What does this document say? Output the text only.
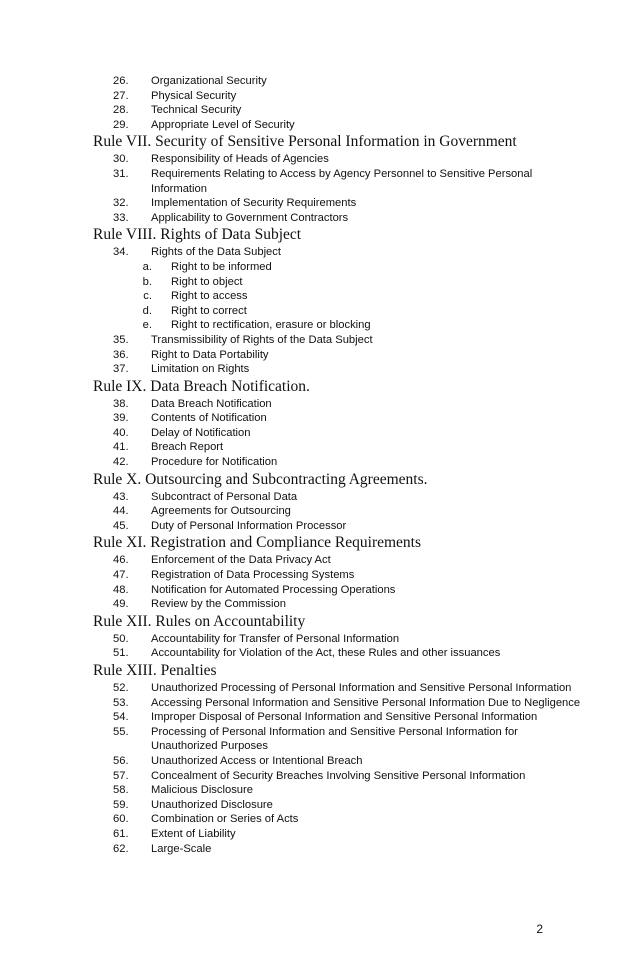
26.	Organizational Security
27.	Physical Security
28.	Technical Security
29.	Appropriate Level of Security
Rule VII. Security of Sensitive Personal Information in Government
30.	Responsibility of Heads of Agencies
31.	Requirements Relating to Access by Agency Personnel to Sensitive Personal Information
32.	Implementation of Security Requirements
33.	Applicability to Government Contractors
Rule VIII. Rights of Data Subject
34.	Rights of the Data Subject
a.	Right to be informed
b.	Right to object
c.	Right to access
d.	Right to correct
e.	Right to rectification, erasure or blocking
35.	Transmissibility of Rights of the Data Subject
36.	Right to Data Portability
37.	Limitation on Rights
Rule IX. Data Breach Notification.
38.	Data Breach Notification
39.	Contents of Notification
40.	Delay of Notification
41.	Breach Report
42.	Procedure for Notification
Rule X. Outsourcing and Subcontracting Agreements.
43.	Subcontract of Personal Data
44.	Agreements for Outsourcing
45.	Duty of Personal Information Processor
Rule XI. Registration and Compliance Requirements
46.	Enforcement of the Data Privacy Act
47.	Registration of Data Processing Systems
48.	Notification for Automated Processing Operations
49.	Review by the Commission
Rule XII. Rules on Accountability
50.	Accountability for Transfer of Personal Information
51.	Accountability for Violation of the Act, these Rules and other issuances
Rule XIII. Penalties
52.	Unauthorized Processing of Personal Information and Sensitive Personal Information
53.	Accessing Personal Information and Sensitive Personal Information Due to Negligence
54.	Improper Disposal of Personal Information and Sensitive Personal Information
55.	Processing of Personal Information and Sensitive Personal Information for Unauthorized Purposes
56.	Unauthorized Access or Intentional Breach
57.	Concealment of Security Breaches Involving Sensitive Personal Information
58.	Malicious Disclosure
59.	Unauthorized Disclosure
60.	Combination or Series of Acts
61.	Extent of Liability
62.	Large-Scale
2
